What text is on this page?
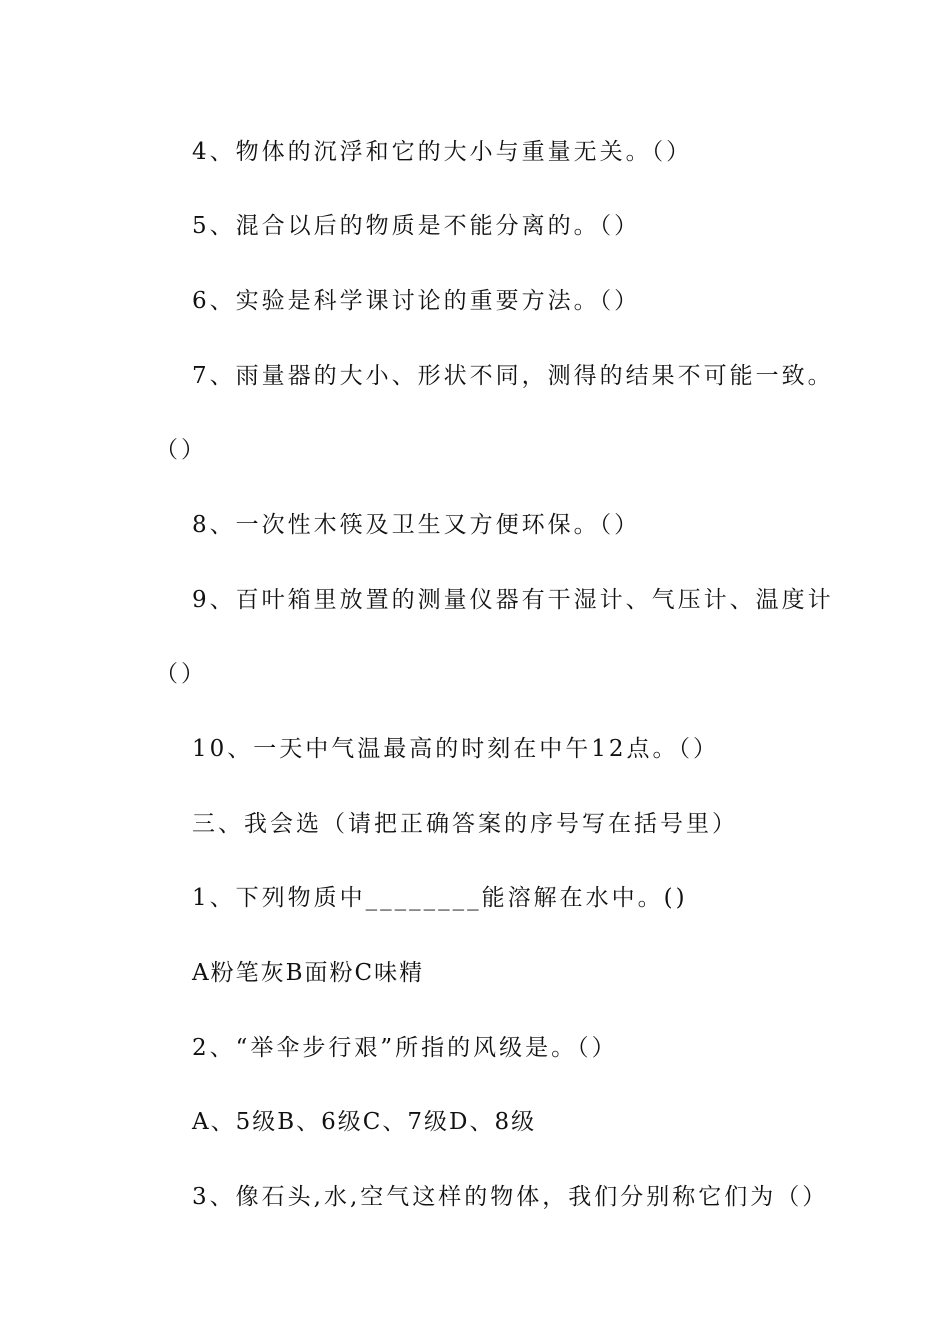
4、物体的沉浮和它的大小与重量无关。（）
5、混合以后的物质是不能分离的。（）
6、实验是科学课讨论的重要方法。（）
7、雨量器的大小、形状不同，测得的结果不可能一致。
（）
8、一次性木筷及卫生又方便环保。（）
9、百叶箱里放置的测量仪器有干湿计、气压计、温度计
（）
10、一天中气温最高的时刻在中午12点。（）
三、我会选（请把正确答案的序号写在括号里）
1、下列物质中________能溶解在水中。()
A粉笔灰B面粉C味精
2、“举伞步行艰”所指的风级是。（）
A、5级B、6级C、7级D、8级
3、像石头,水,空气这样的物体，我们分别称它们为（）
